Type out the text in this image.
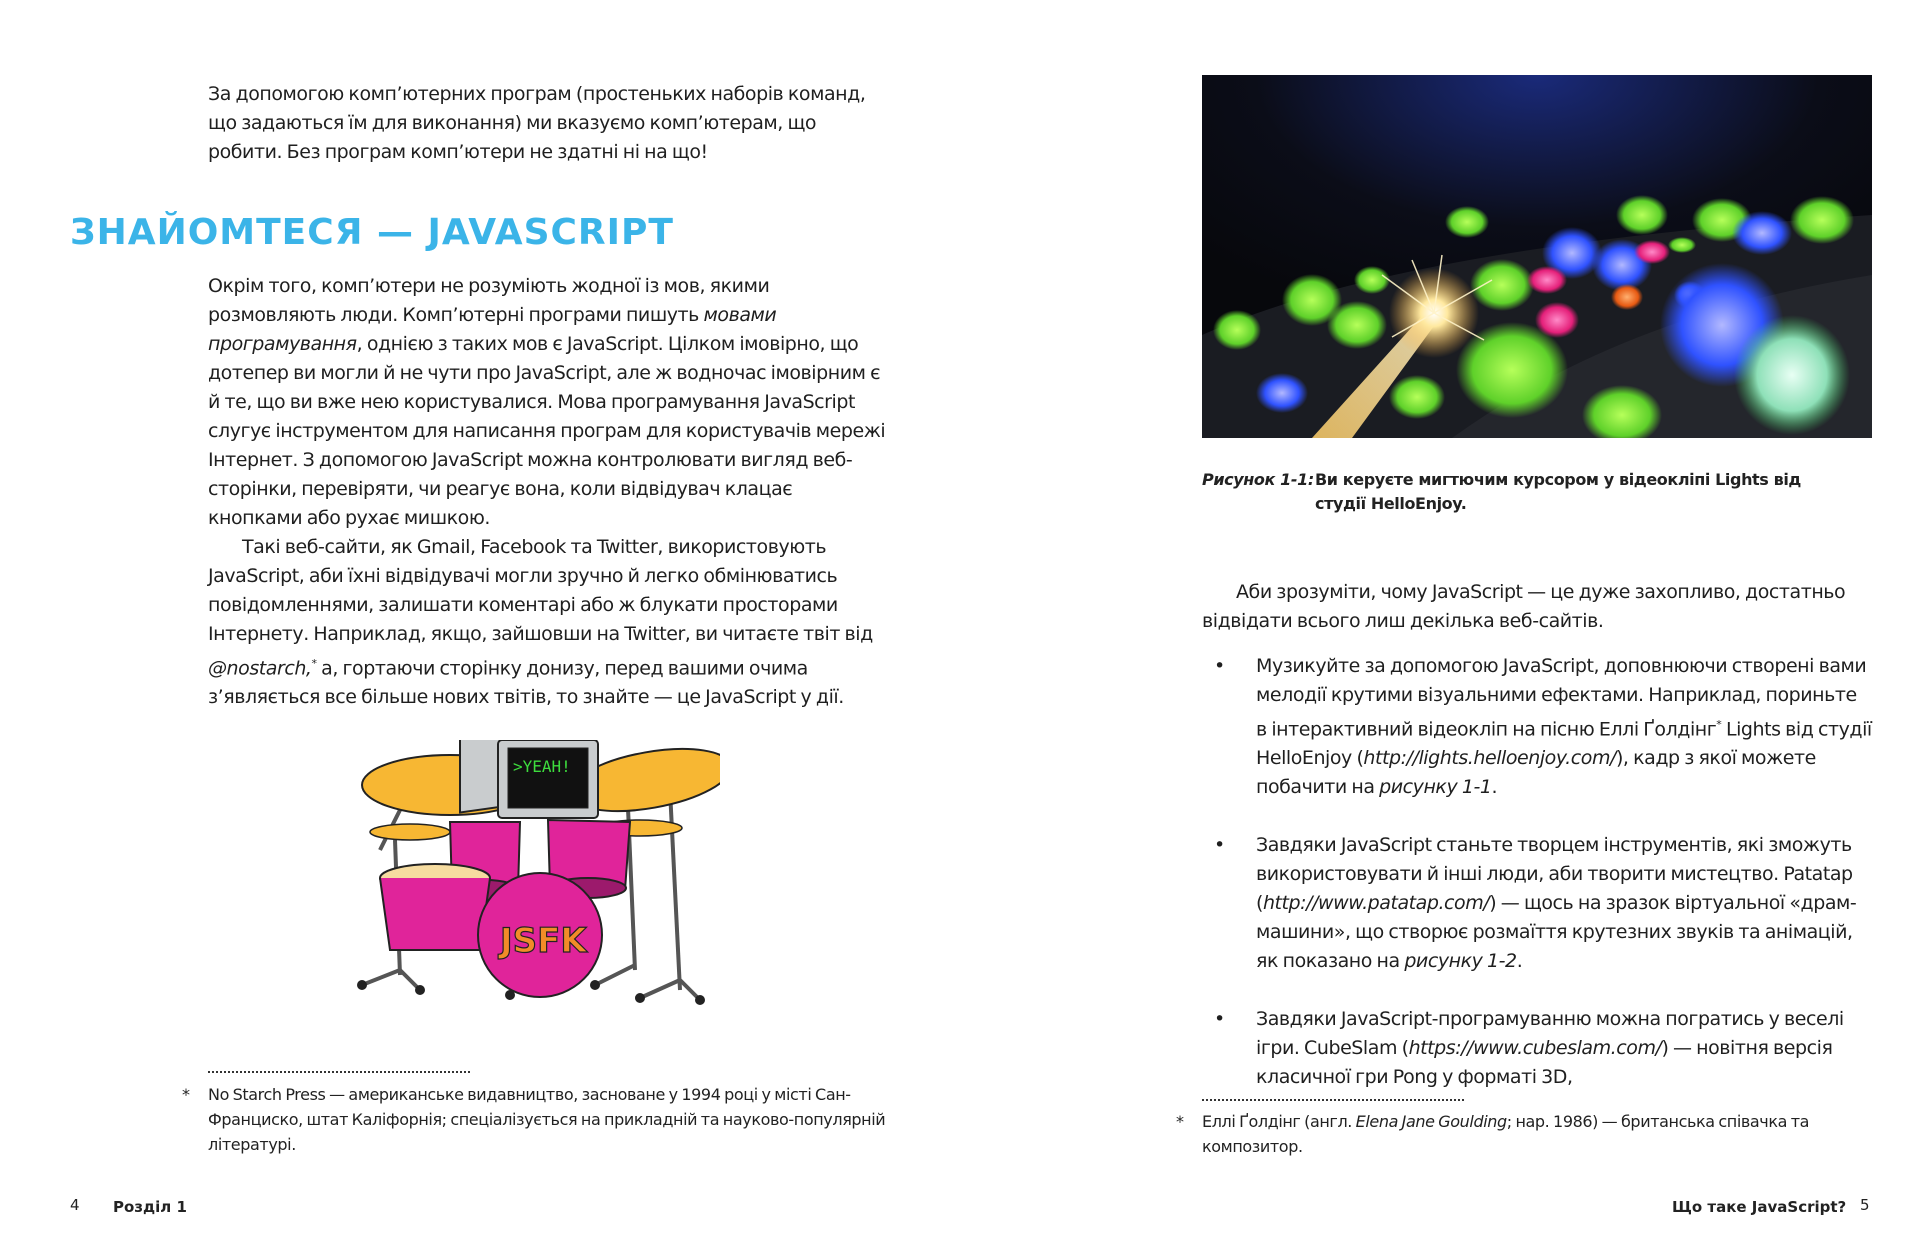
За допомогою комп’ютерних програм (простеньких наборів команд, що задаються їм для виконання) ми вказуємо комп’ютерам, що робити. Без програм комп’ютери не здатні ні на що!

ЗНАЙОМТЕСЯ — JAVASCRIPT

Окрім того, комп’ютери не розуміють жодної із мов, якими розмовляють люди. Комп’ютерні програми пишуть мовами програмування, однією з таких мов є JavaScript. Цілком імовірно, що дотепер ви могли й не чути про JavaScript, але ж водночас імовірним є й те, що ви вже нею користувалися. Мова програмування JavaScript слугує інструментом для написання програм для користувачів мережі Інтернет. З допомогою JavaScript можна контролювати вигляд веб-сторінки, перевіряти, чи реагує вона, коли відвідувач клацає кнопками або рухає мишкою.

Такі веб-сайти, як Gmail, Facebook та Twitter, використовують JavaScript, аби їхні відвідувачі могли зручно й легко обмінюватись повідомленнями, залишати коментарі або ж блукати просторами Інтернету. Наприклад, якщо, зайшовши на Twitter, ви читаєте твіт від @nostarch,* а, гортаючи сторінку донизу, перед вашими очима з’являється все більше нових твітів, то знайте — це JavaScript у дії.

>YEAH!
JSFK
* No Starch Press — американське видавництво, засноване у 1994 році у місті Сан-Франциско, штат Каліфорнія; спеціалізується на прикладній та науково-популярній літературі.
4 Розділ 1
Рисунок 1-1: Ви керуєте мигтючим курсором у відеокліпі Lights від студії HelloEnjoy.

Аби зрозуміти, чому JavaScript — це дуже захопливо, достатньо відвідати всього лиш декілька веб-сайтів.

• Музикуйте за допомогою JavaScript, доповнюючи створені вами мелодії крутими візуальними ефектами. Наприклад, пориньте в інтерактивний відеокліп на пісню Еллі Ґолдінг* Lights від студії HelloEnjoy (http://lights.helloenjoy.com/), кадр з якої можете побачити на рисунку 1-1.
• Завдяки JavaScript станьте творцем інструментів, які зможуть використовувати й інші люди, аби творити мистецтво. Patatap (http://www.patatap.com/) — щось на зразок віртуальної «драм-машини», що створює розмаїття крутезних звуків та анімацій, як показано на рисунку 1-2.
• Завдяки JavaScript-програмуванню можна погратись у веселі ігри. CubeSlam (https://www.cubeslam.com/) — новітня версія класичної гри Pong у форматі 3D,
* Еллі Ґолдінг (англ. Elena Jane Goulding; нар. 1986) — британська співачка та композитор.
Що таке JavaScript? 5
